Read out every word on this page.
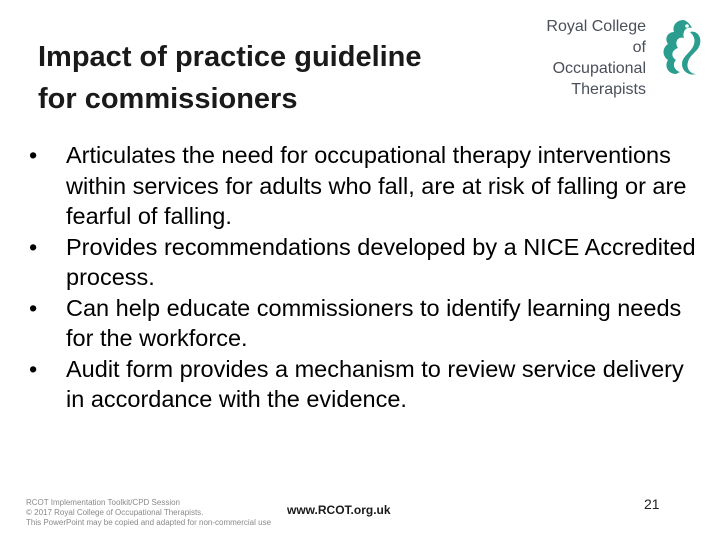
Impact of practice guideline
for commissioners
Royal College of
Occupational
Therapists
•	Articulates the need for occupational therapy interventions within services for adults who fall, are at risk of falling or are fearful of falling.
•	Provides recommendations developed by a NICE Accredited process.
•	Can help educate commissioners to identify learning needs for the workforce.
•	Audit form provides a mechanism to review service delivery in accordance with the evidence.
RCOT Implementation Toolkit/CPD Session
© 2017 Royal College of Occupational Therapists.
This PowerPoint may be copied and adapted for non-commercial use
www.RCOT.org.uk	21
